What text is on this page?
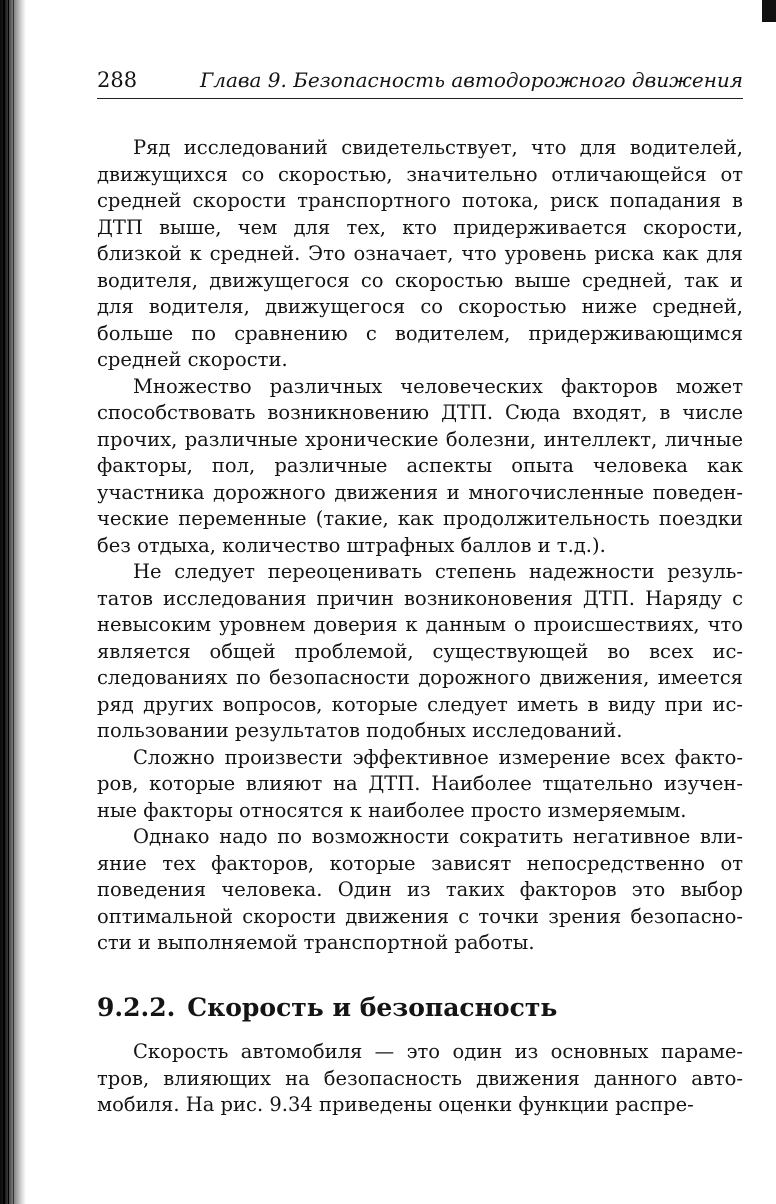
288	Глава 9. Безопасность автодорожного движения

Ряд исследований свидетельствует, что для водителей, движущихся со скоростью, значительно отличающейся от средней скорости транспортного потока, риск попадания в ДТП выше, чем для тех, кто придерживается скорости, близкой к средней. Это означает, что уровень риска как для водителя, движущегося со скоростью выше средней, так и для водителя, движущегося со скоростью ниже средней, больше по сравнению с водителем, придерживающимся средней скорости.

Множество различных человеческих факторов может способствовать возникновению ДТП. Сюда входят, в числе прочих, различные хронические болезни, интеллект, личные факторы, пол, различные аспекты опыта человека как участника дорожного движения и многочисленные поведенческие переменные (такие, как продолжительность поездки без отдыха, количество штрафных баллов и т.д.).

Не следует переоценивать степень надежности результатов исследования причин возниконовения ДТП. Наряду с невысоким уровнем доверия к данным о происшествиях, что является общей проблемой, существующей во всех исследованиях по безопасности дорожного движения, имеется ряд других вопросов, которые следует иметь в виду при использовании результатов подобных исследований.

Сложно произвести эффективное измерение всех факторов, которые влияют на ДТП. Наиболее тщательно изученные факторы относятся к наиболее просто измеряемым.

Однако надо по возможности сократить негативное влияние тех факторов, которые зависят непосредственно от поведения человека. Один из таких факторов это выбор оптимальной скорости движения с точки зрения безопасности и выполняемой транспортной работы.

9.2.2. Скорость и безопасность

Скорость автомобиля — это один из основных параметров, влияющих на безопасность движения данного автомобиля. На рис. 9.34 приведены оценки функции распре-
